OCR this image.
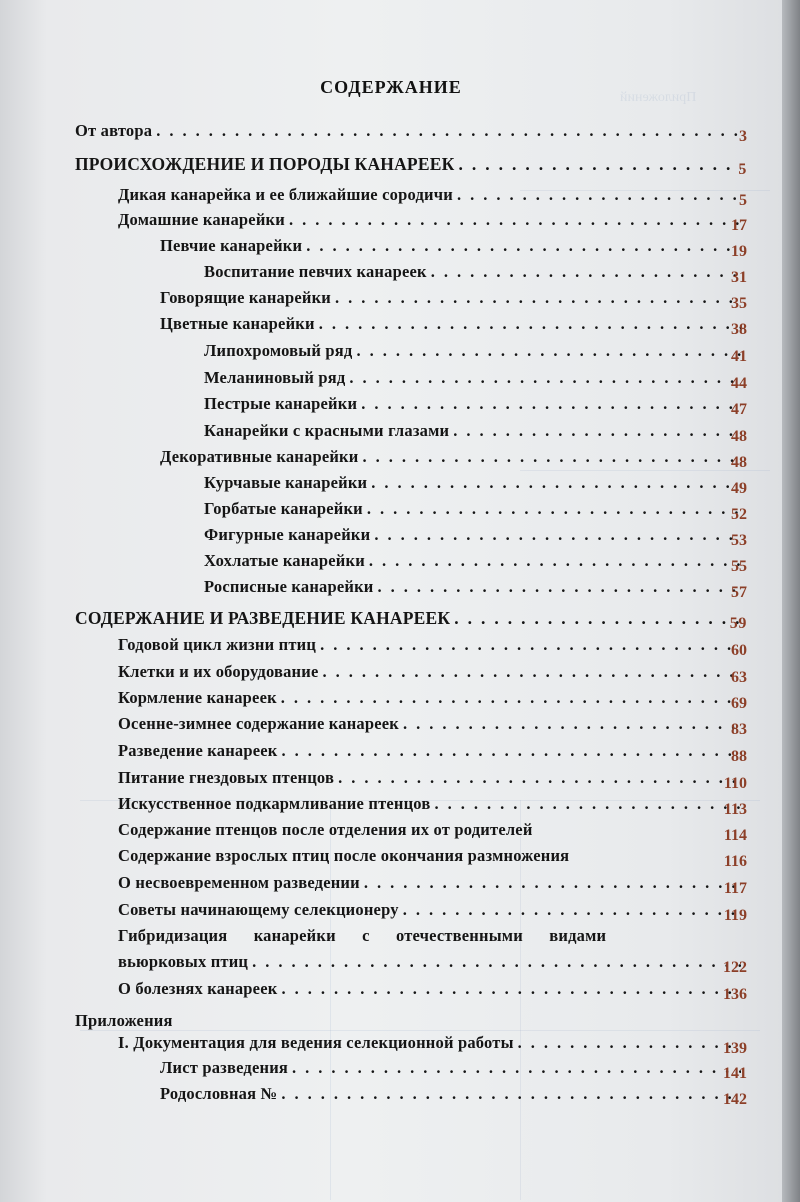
Приложений
СОДЕРЖАНИЕ
От автора .....	3
ПРОИСХОЖДЕНИЕ И ПОРОДЫ КАНАРЕЕК .....	5
Дикая канарейка и ее ближайшие сородичи .....	5
Домашние канарейки .....	17
Певчие канарейки .....	19
Воспитание певчих канареек .....	31
Говорящие канарейки .....	35
Цветные канарейки .....	38
Липохромовый ряд .....	41
Меланиновый ряд .....	44
Пестрые канарейки .....	47
Канарейки с красными глазами .....	48
Декоративные канарейки .....	48
Курчавые канарейки .....	49
Горбатые канарейки .....	52
Фигурные канарейки .....	53
Хохлатые канарейки .....	55
Росписные канарейки .....	57
СОДЕРЖАНИЕ И РАЗВЕДЕНИЕ КАНАРЕЕК .....	59
Годовой цикл жизни птиц .....	60
Клетки и их оборудование .....	63
Кормление канареек .....	69
Осенне-зимнее содержание канареек .....	83
Разведение канареек .....	88
Питание гнездовых птенцов .....	110
Искусственное подкармливание птенцов .....	113
Содержание птенцов после отделения их от родителей	114
Содержание взрослых птиц после окончания размножения	116
О несвоевременном разведении .....	117
Советы начинающему селекционеру .....	119
Гибридизация канарейки с отечественными видами
вьюрковых птиц .....	122
О болезнях канареек .....	136
Приложения
I. Документация для ведения селекционной работы .....	139
Лист разведения .....	141
Родословная № .....	142
